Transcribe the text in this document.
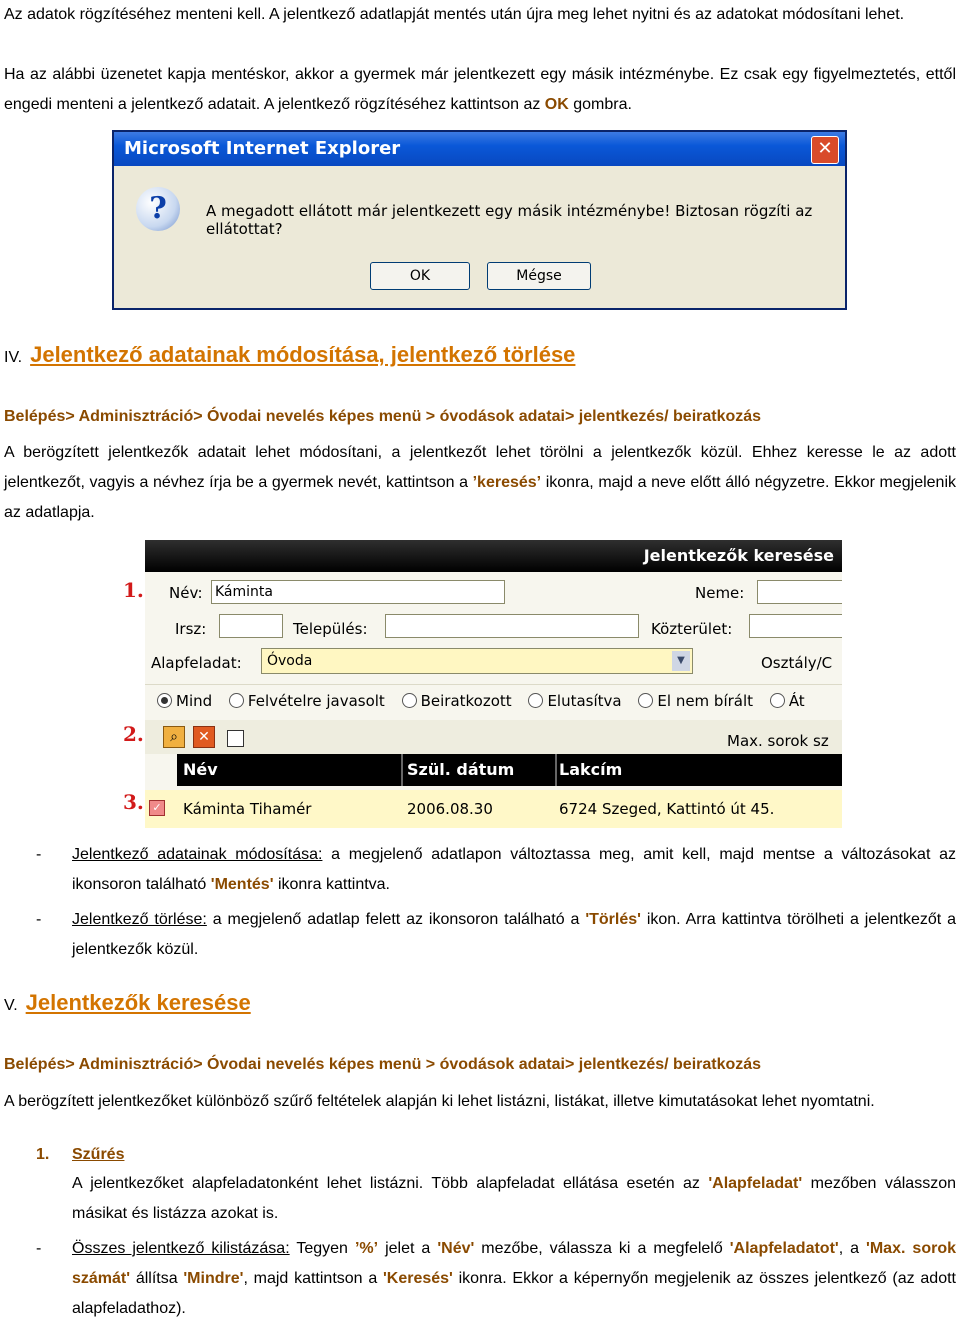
Az adatok rögzítéséhez menteni kell. A jelentkező adatlapját mentés után újra meg lehet nyitni és az adatokat módosítani lehet.

Ha az alábbi üzenetet kapja mentéskor, akkor a gyermek már jelentkezett egy másik intézménybe. Ez csak egy figyelmeztetés, ettől engedi menteni a jelentkező adatait. A jelentkező rögzítéséhez kattintson az OK gombra.

Microsoft Internet Explorer	✕
?	A megadott ellátott már jelentkezett egy másik intézménybe! Biztosan rögzíti az ellátottat?
OK	Mégse
IV. Jelentkező adatainak módosítása, jelentkező törlése

Belépés> Adminisztráció> Óvodai nevelés képes menü > óvodások adatai> jelentkezés/ beiratkozás

A berögzített jelentkezők adatait lehet módosítani, a jelentkezőt lehet törölni a jelentkezők közül. Ehhez keresse le az adott jelentkezőt, vagyis a névhez írja be a gyermek nevét, kattintson a ’keresés’ ikonra, majd a neve előtt álló négyzetre. Ekkor megjelenik az adatlapja.

1.
2.
3.
Jelentkezők keresése
Név: Káminta	Neme:
Irsz:	Település:	Közterület:
Alapfeladat:	Óvoda	▼	Osztály/C
Mind Felvételre javasolt Beiratkozott Elutasítva El nem bírált Át
⌕	✕	Max. sorok sz
Név	Szül. dátum	Lakcím
✓ Káminta Tihamér	2006.08.30	6724 Szeged, Kattintó út 45.
-	Jelentkező adatainak módosítása: a megjelenő adatlapon változtassa meg, amit kell, majd mentse a változásokat az ikonsoron található 'Mentés' ikonra kattintva.

-	Jelentkező törlése: a megjelenő adatlap felett az ikonsoron található a 'Törlés' ikon. Arra kattintva törölheti a jelentkezőt a jelentkezők közül.

V. Jelentkezők keresése

Belépés> Adminisztráció> Óvodai nevelés képes menü > óvodások adatai> jelentkezés/ beiratkozás

A berögzített jelentkezőket különböző szűrő feltételek alapján ki lehet listázni, listákat, illetve kimutatásokat lehet nyomtatni.

1.	Szűrés

A jelentkezőket alapfeladatonként lehet listázni. Több alapfeladat ellátása esetén az 'Alapfeladat' mezőben válasszon másikat és listázza azokat is.

-	Összes jelentkező kilistázása: Tegyen ’%’ jelet a 'Név' mezőbe, válassza ki a megfelelő 'Alapfeladatot', a 'Max. sorok számát' állítsa 'Mindre', majd kattintson a 'Keresés' ikonra. Ekkor a képernyőn megjelenik az összes jelentkező (az adott alapfeladathoz).
